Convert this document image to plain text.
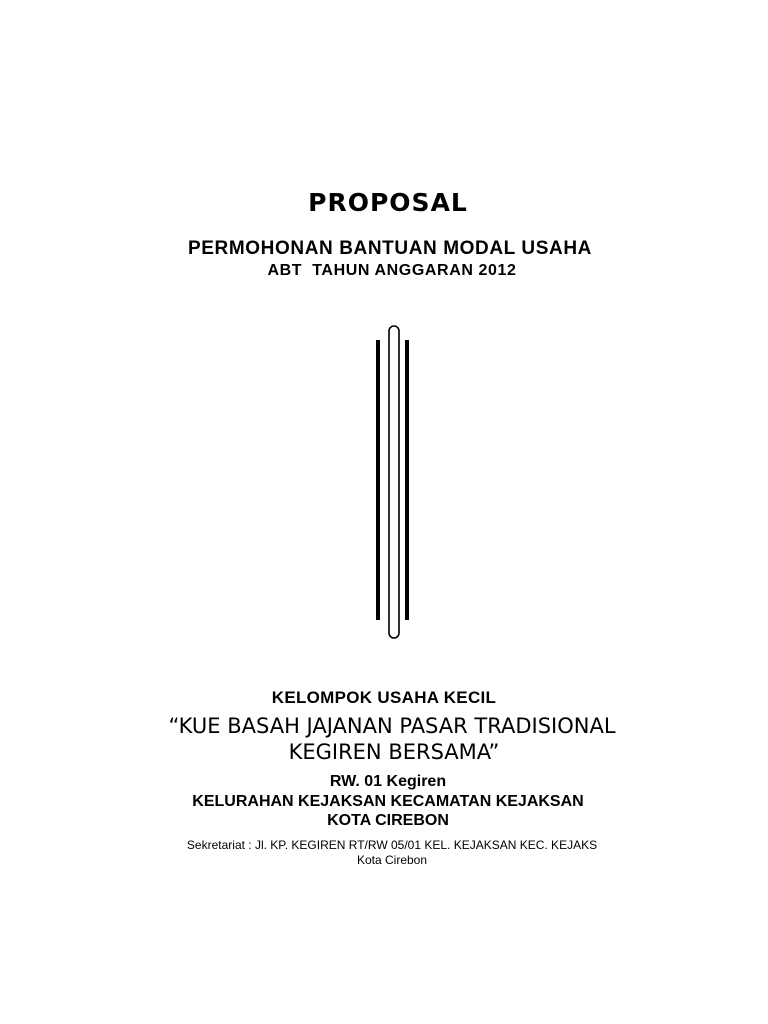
PROPOSAL
PERMOHONAN BANTUAN MODAL USAHA
ABT  TAHUN ANGGARAN 2012
KELOMPOK USAHA KECIL
“KUE BASAH JAJANAN PASAR TRADISIONAL
KEGIREN BERSAMA”
RW. 01 Kegiren
KELURAHAN KEJAKSAN KECAMATAN KEJAKSAN
KOTA CIREBON
Sekretariat : Jl. KP. KEGIREN RT/RW 05/01 KEL. KEJAKSAN KEC. KEJAKS
Kota Cirebon
